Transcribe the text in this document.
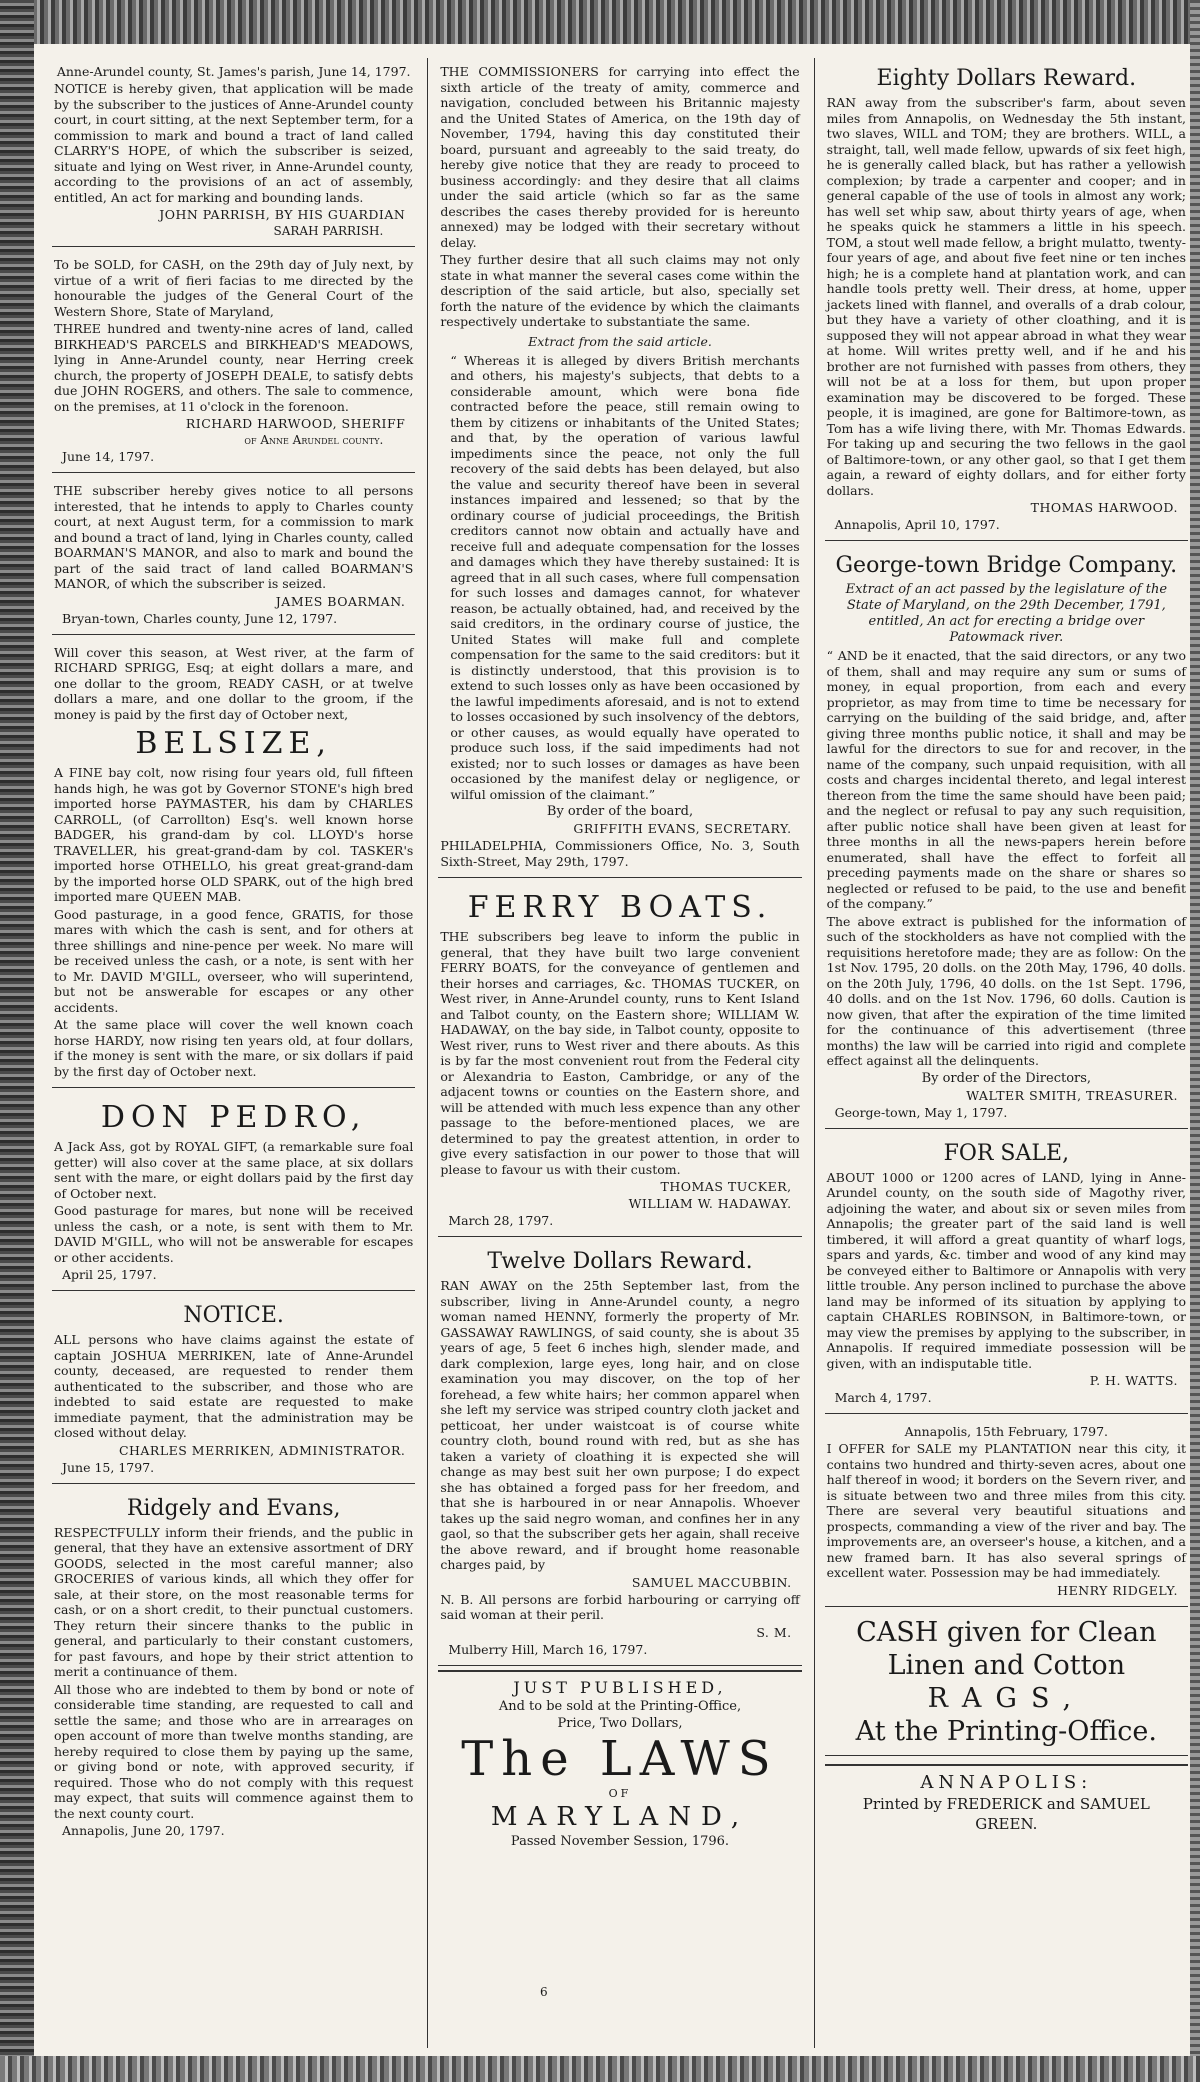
Anne-Arundel county, St. James's parish, June 14, 1797.

NOTICE is hereby given, that application will be made by the subscriber to the justices of Anne-Arundel county court, in court sitting, at the next September term, for a commission to mark and bound a tract of land called CLARRY'S HOPE, of which the subscriber is seized, situate and lying on West river, in Anne-Arundel county, according to the provisions of an act of assembly, entitled, An act for marking and bounding lands.

JOHN PARRISH, BY HIS GUARDIAN
SARAH PARRISH.

To be SOLD, for CASH, on the 29th day of July next, by virtue of a writ of fieri facias to me directed by the honourable the judges of the General Court of the Western Shore, State of Maryland,

THREE hundred and twenty-nine acres of land, called BIRKHEAD'S PARCELS and BIRKHEAD'S MEADOWS, lying in Anne-Arundel county, near Herring creek church, the property of JOSEPH DEALE, to satisfy debts due JOHN ROGERS, and others. The sale to commence, on the premises, at 11 o'clock in the forenoon.

RICHARD HARWOOD, SHERIFF
of Anne Arundel county.
June 14, 1797.

THE subscriber hereby gives notice to all persons interested, that he intends to apply to Charles county court, at next August term, for a commission to mark and bound a tract of land, lying in Charles county, called BOARMAN'S MANOR, and also to mark and bound the part of the said tract of land called BOARMAN'S MANOR, of which the subscriber is seized.

JAMES BOARMAN.
Bryan-town, Charles county, June 12, 1797.

Will cover this season, at West river, at the farm of RICHARD SPRIGG, Esq; at eight dollars a mare, and one dollar to the groom, READY CASH, or at twelve dollars a mare, and one dollar to the groom, if the money is paid by the first day of October next,

BELSIZE,

A FINE bay colt, now rising four years old, full fifteen hands high, he was got by Governor STONE's high bred imported horse PAYMASTER, his dam by CHARLES CARROLL, (of Carrollton) Esq's. well known horse BADGER, his grand-dam by col. LLOYD's horse TRAVELLER, his great-grand-dam by col. TASKER's imported horse OTHELLO, his great great-grand-dam by the imported horse OLD SPARK, out of the high bred imported mare QUEEN MAB.

Good pasturage, in a good fence, GRATIS, for those mares with which the cash is sent, and for others at three shillings and nine-pence per week. No mare will be received unless the cash, or a note, is sent with her to Mr. DAVID M'GILL, overseer, who will superintend, but not be answerable for escapes or any other accidents.

At the same place will cover the well known coach horse HARDY, now rising ten years old, at four dollars, if the money is sent with the mare, or six dollars if paid by the first day of October next.

DON PEDRO,

A Jack Ass, got by ROYAL GIFT, (a remarkable sure foal getter) will also cover at the same place, at six dollars sent with the mare, or eight dollars paid by the first day of October next.

Good pasturage for mares, but none will be received unless the cash, or a note, is sent with them to Mr. DAVID M'GILL, who will not be answerable for escapes or other accidents.

April 25, 1797.
NOTICE.

ALL persons who have claims against the estate of captain JOSHUA MERRIKEN, late of Anne-Arundel county, deceased, are requested to render them authenticated to the subscriber, and those who are indebted to said estate are requested to make immediate payment, that the administration may be closed without delay.

CHARLES MERRIKEN, ADMINISTRATOR.
June 15, 1797.
Ridgely and Evans,

RESPECTFULLY inform their friends, and the public in general, that they have an extensive assortment of DRY GOODS, selected in the most careful manner; also GROCERIES of various kinds, all which they offer for sale, at their store, on the most reasonable terms for cash, or on a short credit, to their punctual customers. They return their sincere thanks to the public in general, and particularly to their constant customers, for past favours, and hope by their strict attention to merit a continuance of them.

All those who are indebted to them by bond or note of considerable time standing, are requested to call and settle the same; and those who are in arrearages on open account of more than twelve months standing, are hereby required to close them by paying up the same, or giving bond or note, with approved security, if required. Those who do not comply with this request may expect, that suits will commence against them to the next county court.

Annapolis, June 20, 1797.

THE COMMISSIONERS for carrying into effect the sixth article of the treaty of amity, commerce and navigation, concluded between his Britannic majesty and the United States of America, on the 19th day of November, 1794, having this day constituted their board, pursuant and agreeably to the said treaty, do hereby give notice that they are ready to proceed to business accordingly: and they desire that all claims under the said article (which so far as the same describes the cases thereby provided for is hereunto annexed) may be lodged with their secretary without delay.

They further desire that all such claims may not only state in what manner the several cases come within the description of the said article, but also, specially set forth the nature of the evidence by which the claimants respectively undertake to substantiate the same.

Extract from the said article.

“ Whereas it is alleged by divers British merchants and others, his majesty's subjects, that debts to a considerable amount, which were bona fide contracted before the peace, still remain owing to them by citizens or inhabitants of the United States; and that, by the operation of various lawful impediments since the peace, not only the full recovery of the said debts has been delayed, but also the value and security thereof have been in several instances impaired and lessened; so that by the ordinary course of judicial proceedings, the British creditors cannot now obtain and actually have and receive full and adequate compensation for the losses and damages which they have thereby sustained: It is agreed that in all such cases, where full compensation for such losses and damages cannot, for whatever reason, be actually obtained, had, and received by the said creditors, in the ordinary course of justice, the United States will make full and complete compensation for the same to the said creditors: but it is distinctly understood, that this provision is to extend to such losses only as have been occasioned by the lawful impediments aforesaid, and is not to extend to losses occasioned by such insolvency of the debtors, or other causes, as would equally have operated to produce such loss, if the said impediments had not existed; nor to such losses or damages as have been occasioned by the manifest delay or negligence, or wilful omission of the claimant.”

By order of the board,
GRIFFITH EVANS, SECRETARY.

PHILADELPHIA, Commissioners Office, No. 3, South Sixth-Street, May 29th, 1797.

FERRY BOATS.

THE subscribers beg leave to inform the public in general, that they have built two large convenient FERRY BOATS, for the conveyance of gentlemen and their horses and carriages, &c. THOMAS TUCKER, on West river, in Anne-Arundel county, runs to Kent Island and Talbot county, on the Eastern shore; WILLIAM W. HADAWAY, on the bay side, in Talbot county, opposite to West river, runs to West river and there abouts. As this is by far the most convenient rout from the Federal city or Alexandria to Easton, Cambridge, or any of the adjacent towns or counties on the Eastern shore, and will be attended with much less expence than any other passage to the before-mentioned places, we are determined to pay the greatest attention, in order to give every satisfaction in our power to those that will please to favour us with their custom.

THOMAS TUCKER,
WILLIAM W. HADAWAY.
March 28, 1797.
Twelve Dollars Reward.

RAN AWAY on the 25th September last, from the subscriber, living in Anne-Arundel county, a negro woman named HENNY, formerly the property of Mr. GASSAWAY RAWLINGS, of said county, she is about 35 years of age, 5 feet 6 inches high, slender made, and dark complexion, large eyes, long hair, and on close examination you may discover, on the top of her forehead, a few white hairs; her common apparel when she left my service was striped country cloth jacket and petticoat, her under waistcoat is of course white country cloth, bound round with red, but as she has taken a variety of cloathing it is expected she will change as may best suit her own purpose; I do expect she has obtained a forged pass for her freedom, and that she is harboured in or near Annapolis. Whoever takes up the said negro woman, and confines her in any gaol, so that the subscriber gets her again, shall receive the above reward, and if brought home reasonable charges paid, by

SAMUEL MACCUBBIN.

N. B. All persons are forbid harbouring or carrying off said woman at their peril.

S. M.
Mulberry Hill, March 16, 1797.
JUST PUBLISHED,
And to be sold at the Printing-Office,
Price, Two Dollars,
The LAWS
OF
MARYLAND,
Passed November Session, 1796.
Eighty Dollars Reward.

RAN away from the subscriber's farm, about seven miles from Annapolis, on Wednesday the 5th instant, two slaves, WILL and TOM; they are brothers. WILL, a straight, tall, well made fellow, upwards of six feet high, he is generally called black, but has rather a yellowish complexion; by trade a carpenter and cooper; and in general capable of the use of tools in almost any work; has well set whip saw, about thirty years of age, when he speaks quick he stammers a little in his speech. TOM, a stout well made fellow, a bright mulatto, twenty-four years of age, and about five feet nine or ten inches high; he is a complete hand at plantation work, and can handle tools pretty well. Their dress, at home, upper jackets lined with flannel, and overalls of a drab colour, but they have a variety of other cloathing, and it is supposed they will not appear abroad in what they wear at home. Will writes pretty well, and if he and his brother are not furnished with passes from others, they will not be at a loss for them, but upon proper examination may be discovered to be forged. These people, it is imagined, are gone for Baltimore-town, as Tom has a wife living there, with Mr. Thomas Edwards. For taking up and securing the two fellows in the gaol of Baltimore-town, or any other gaol, so that I get them again, a reward of eighty dollars, and for either forty dollars.

THOMAS HARWOOD.
Annapolis, April 10, 1797.
George-town Bridge Company.
Extract of an act passed by the legislature of the State of Maryland, on the 29th December, 1791, entitled, An act for erecting a bridge over Patowmack river.

“ AND be it enacted, that the said directors, or any two of them, shall and may require any sum or sums of money, in equal proportion, from each and every proprietor, as may from time to time be necessary for carrying on the building of the said bridge, and, after giving three months public notice, it shall and may be lawful for the directors to sue for and recover, in the name of the company, such unpaid requisition, with all costs and charges incidental thereto, and legal interest thereon from the time the same should have been paid; and the neglect or refusal to pay any such requisition, after public notice shall have been given at least for three months in all the news-papers herein before enumerated, shall have the effect to forfeit all preceding payments made on the share or shares so neglected or refused to be paid, to the use and benefit of the company.”

The above extract is published for the information of such of the stockholders as have not complied with the requisitions heretofore made; they are as follow: On the 1st Nov. 1795, 20 dolls. on the 20th May, 1796, 40 dolls. on the 20th July, 1796, 40 dolls. on the 1st Sept. 1796, 40 dolls. and on the 1st Nov. 1796, 60 dolls. Caution is now given, that after the expiration of the time limited for the continuance of this advertisement (three months) the law will be carried into rigid and complete effect against all the delinquents.

By order of the Directors,
WALTER SMITH, TREASURER.
George-town, May 1, 1797.
FOR SALE,

ABOUT 1000 or 1200 acres of LAND, lying in Anne-Arundel county, on the south side of Magothy river, adjoining the water, and about six or seven miles from Annapolis; the greater part of the said land is well timbered, it will afford a great quantity of wharf logs, spars and yards, &c. timber and wood of any kind may be conveyed either to Baltimore or Annapolis with very little trouble. Any person inclined to purchase the above land may be informed of its situation by applying to captain CHARLES ROBINSON, in Baltimore-town, or may view the premises by applying to the subscriber, in Annapolis. If required immediate possession will be given, with an indisputable title.

P. H. WATTS.
March 4, 1797.
Annapolis, 15th February, 1797.

I OFFER for SALE my PLANTATION near this city, it contains two hundred and thirty-seven acres, about one half thereof in wood; it borders on the Severn river, and is situate between two and three miles from this city. There are several very beautiful situations and prospects, commanding a view of the river and bay. The improvements are, an overseer's house, a kitchen, and a new framed barn. It has also several springs of excellent water. Possession may be had immediately.

HENRY RIDGELY.
CASH given for Clean
Linen and Cotton
RAGS,
At the Printing-Office.
ANNAPOLIS:
Printed by FREDERICK and SAMUEL
GREEN.
6
